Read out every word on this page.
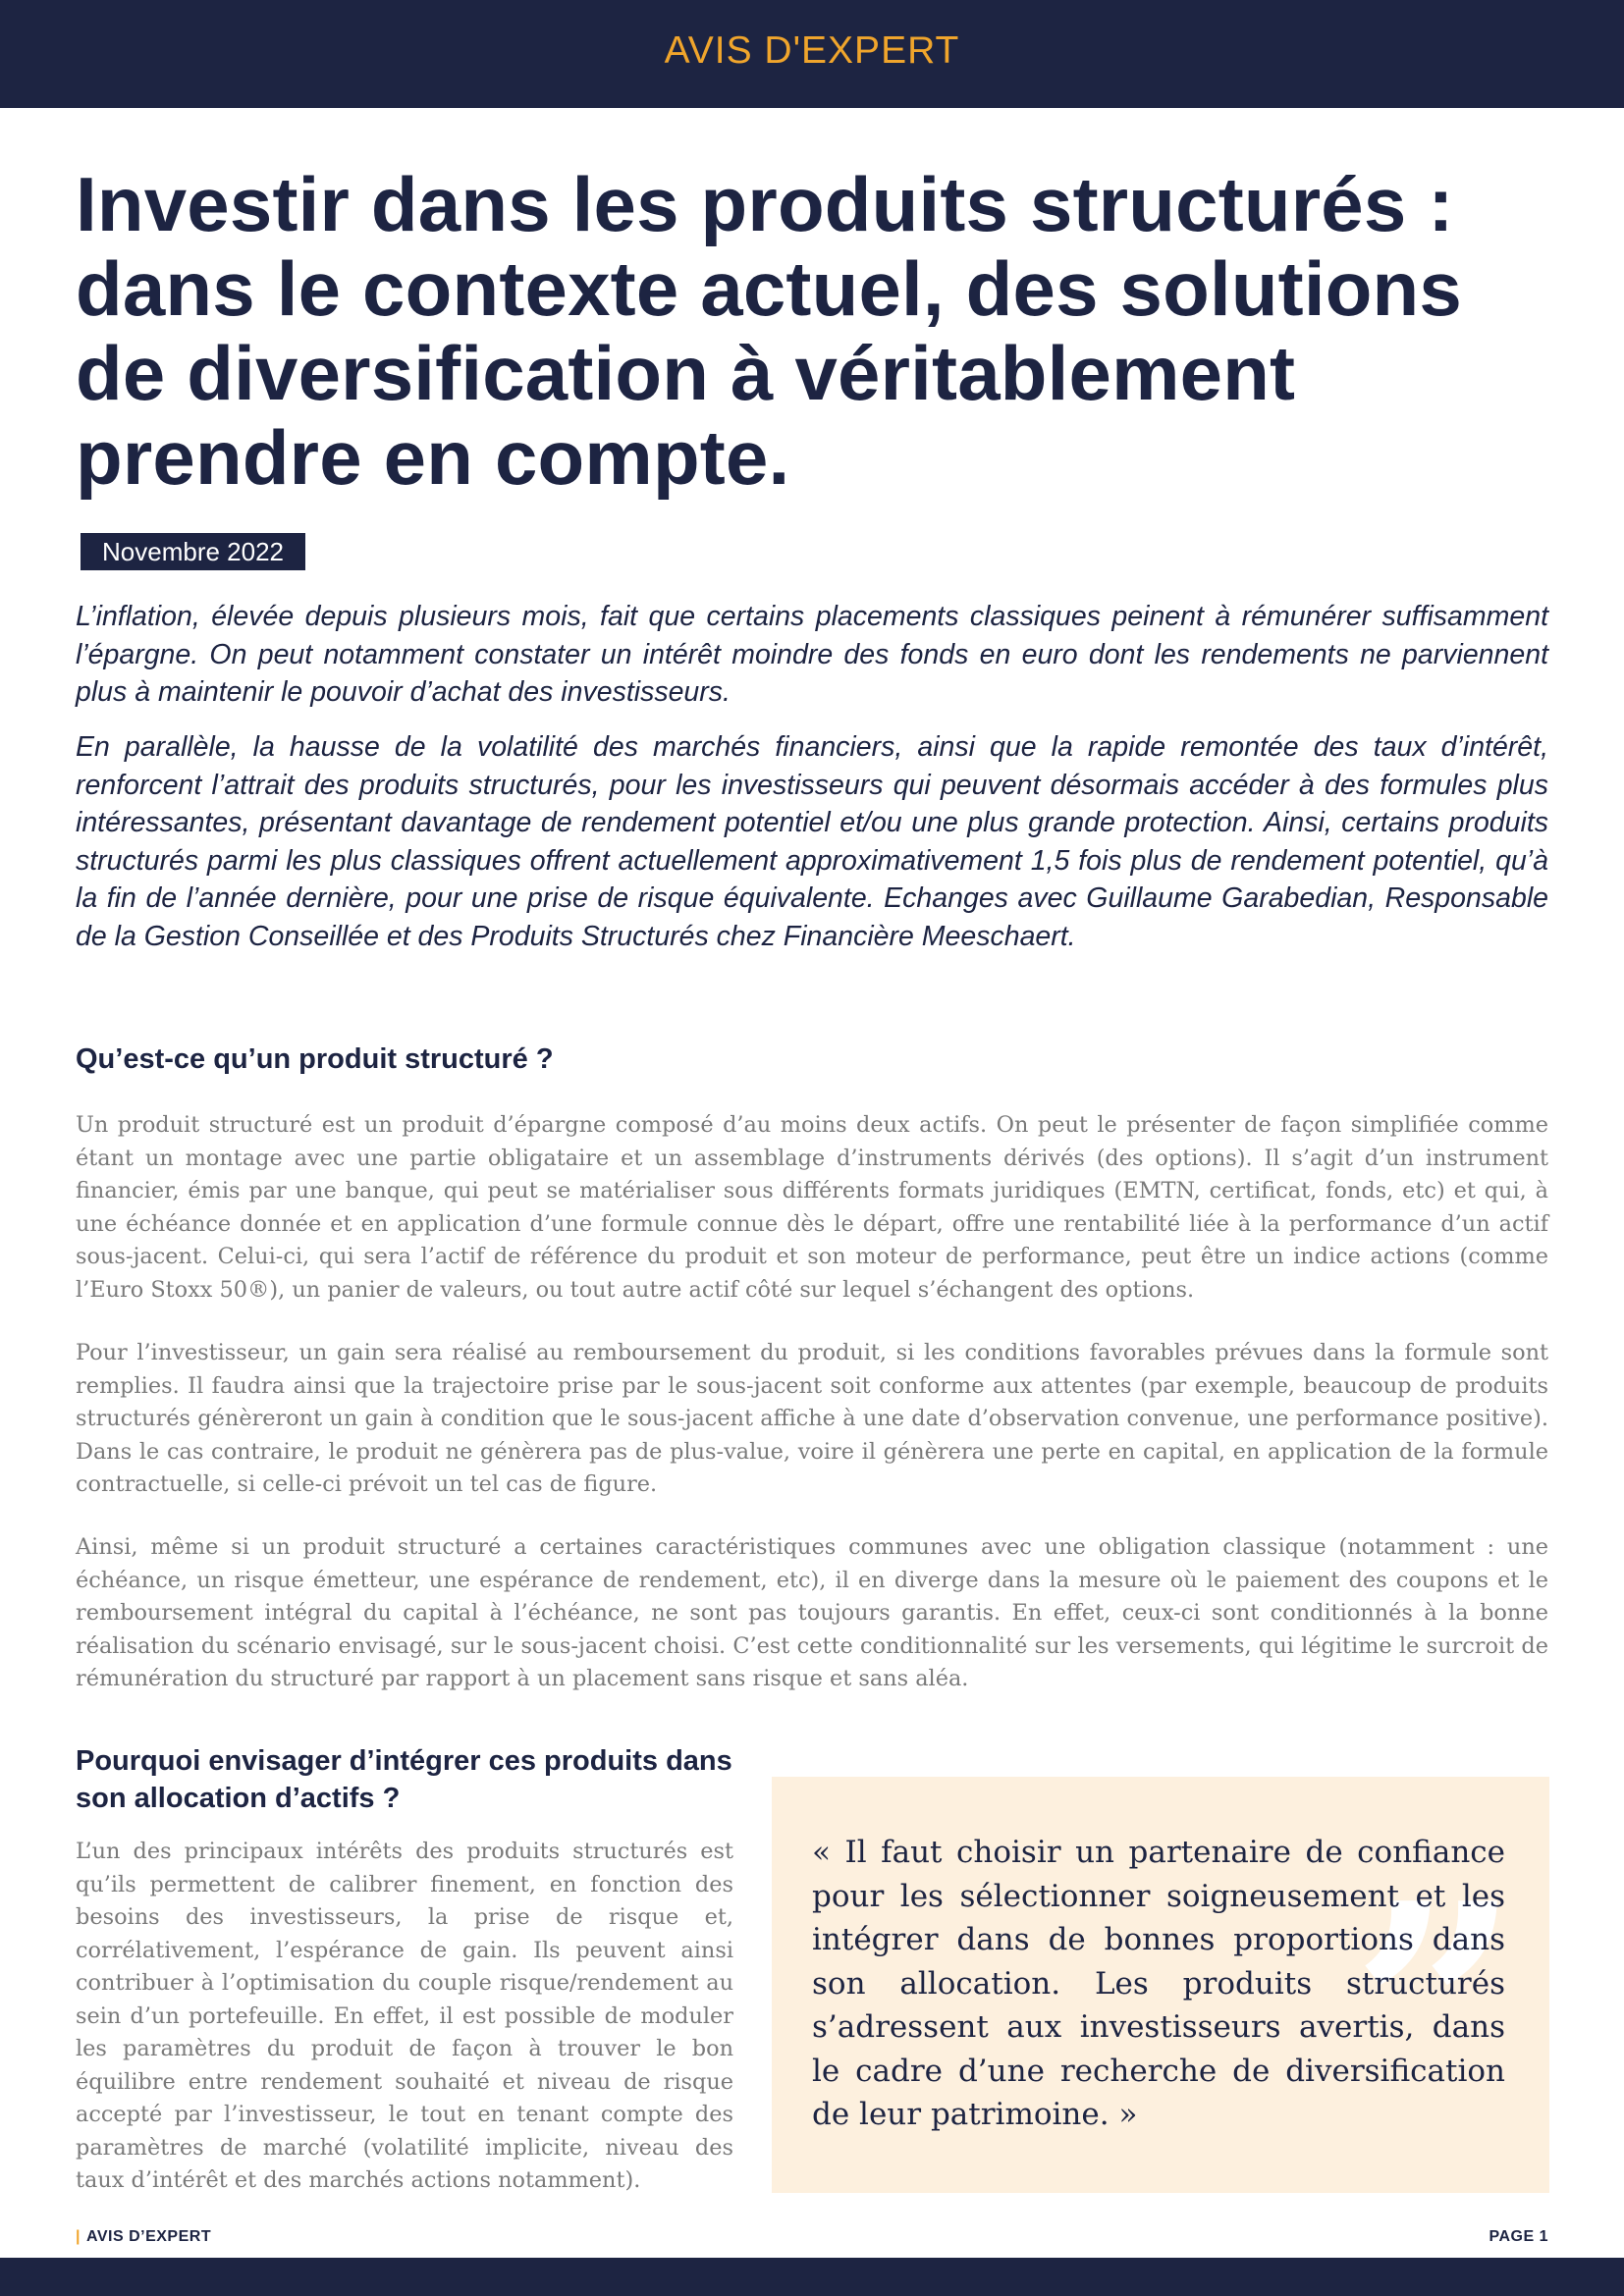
AVIS D'EXPERT
Investir dans les produits structurés : dans le contexte actuel, des solutions de diversification à véritablement prendre en compte.
Novembre 2022

L’inflation, élevée depuis plusieurs mois, fait que certains placements classiques peinent à rémunérer suffisamment l’épargne. On peut notamment constater un intérêt moindre des fonds en euro dont les rendements ne parviennent plus à maintenir le pouvoir d’achat des investisseurs.

En parallèle, la hausse de la volatilité des marchés financiers, ainsi que la rapide remontée des taux d’intérêt, renforcent l’attrait des produits structurés, pour les investisseurs qui peuvent désormais accéder à des formules plus intéressantes, présentant davantage de rendement potentiel et/ou une plus grande protection. Ainsi, certains produits structurés parmi les plus classiques offrent actuellement approximativement 1,5 fois plus de rendement potentiel, qu’à la fin de l’année dernière, pour une prise de risque équivalente. Echanges avec Guillaume Garabedian, Responsable de la Gestion Conseillée et des Produits Structurés chez Financière Meeschaert.

Qu’est-ce qu’un produit structuré ?

Un produit structuré est un produit d’épargne composé d’au moins deux actifs. On peut le présenter de façon simplifiée comme étant un montage avec une partie obligataire et un assemblage d’instruments dérivés (des options). Il s’agit d’un instrument financier, émis par une banque, qui peut se matérialiser sous différents formats juridiques (EMTN, certificat, fonds, etc) et qui, à une échéance donnée et en application d’une formule connue dès le départ, offre une rentabilité liée à la performance d’un actif sous-jacent. Celui-ci, qui sera l’actif de référence du produit et son moteur de performance, peut être un indice actions (comme l’Euro Stoxx 50®), un panier de valeurs, ou tout autre actif côté sur lequel s’échangent des options.

Pour l’investisseur, un gain sera réalisé au remboursement du produit, si les conditions favorables prévues dans la formule sont remplies. Il faudra ainsi que la trajectoire prise par le sous-jacent soit conforme aux attentes (par exemple, beaucoup de produits structurés génèreront un gain à condition que le sous-jacent affiche à une date d’observation convenue, une performance positive). Dans le cas contraire, le produit ne génèrera pas de plus-value, voire il génèrera une perte en capital, en application de la formule contractuelle, si celle-ci prévoit un tel cas de figure.

Ainsi, même si un produit structuré a certaines caractéristiques communes avec une obligation classique (notamment : une échéance, un risque émetteur, une espérance de rendement, etc), il en diverge dans la mesure où le paiement des coupons et le remboursement intégral du capital à l’échéance, ne sont pas toujours garantis. En effet, ceux-ci sont conditionnés à la bonne réalisation du scénario envisagé, sur le sous-jacent choisi. C’est cette conditionnalité sur les versements, qui légitime le surcroit de rémunération du structuré par rapport à un placement sans risque et sans aléa.

Pourquoi envisager d’intégrer ces produits dans son allocation d’actifs ?

L’un des principaux intérêts des produits structurés est qu’ils permettent de calibrer finement, en fonction des besoins des investisseurs, la prise de risque et, corrélativement, l’espérance de gain. Ils peuvent ainsi contribuer à l’optimisation du couple risque/rendement au sein d’un portefeuille. En effet, il est possible de moduler les paramètres du produit de façon à trouver le bon équilibre entre rendement souhaité et niveau de risque accepté par l’investisseur, le tout en tenant compte des paramètres de marché (volatilité implicite, niveau des taux d’intérêt et des marchés actions notamment).	”

« Il faut choisir un partenaire de confiance pour les sélectionner soigneusement et les intégrer dans de bonnes proportions dans son allocation. Les produits structurés s’adressent aux investisseurs avertis, dans le cadre d’une recherche de diversification de leur patrimoine. »

| AVIS D’EXPERT	PAGE 1
